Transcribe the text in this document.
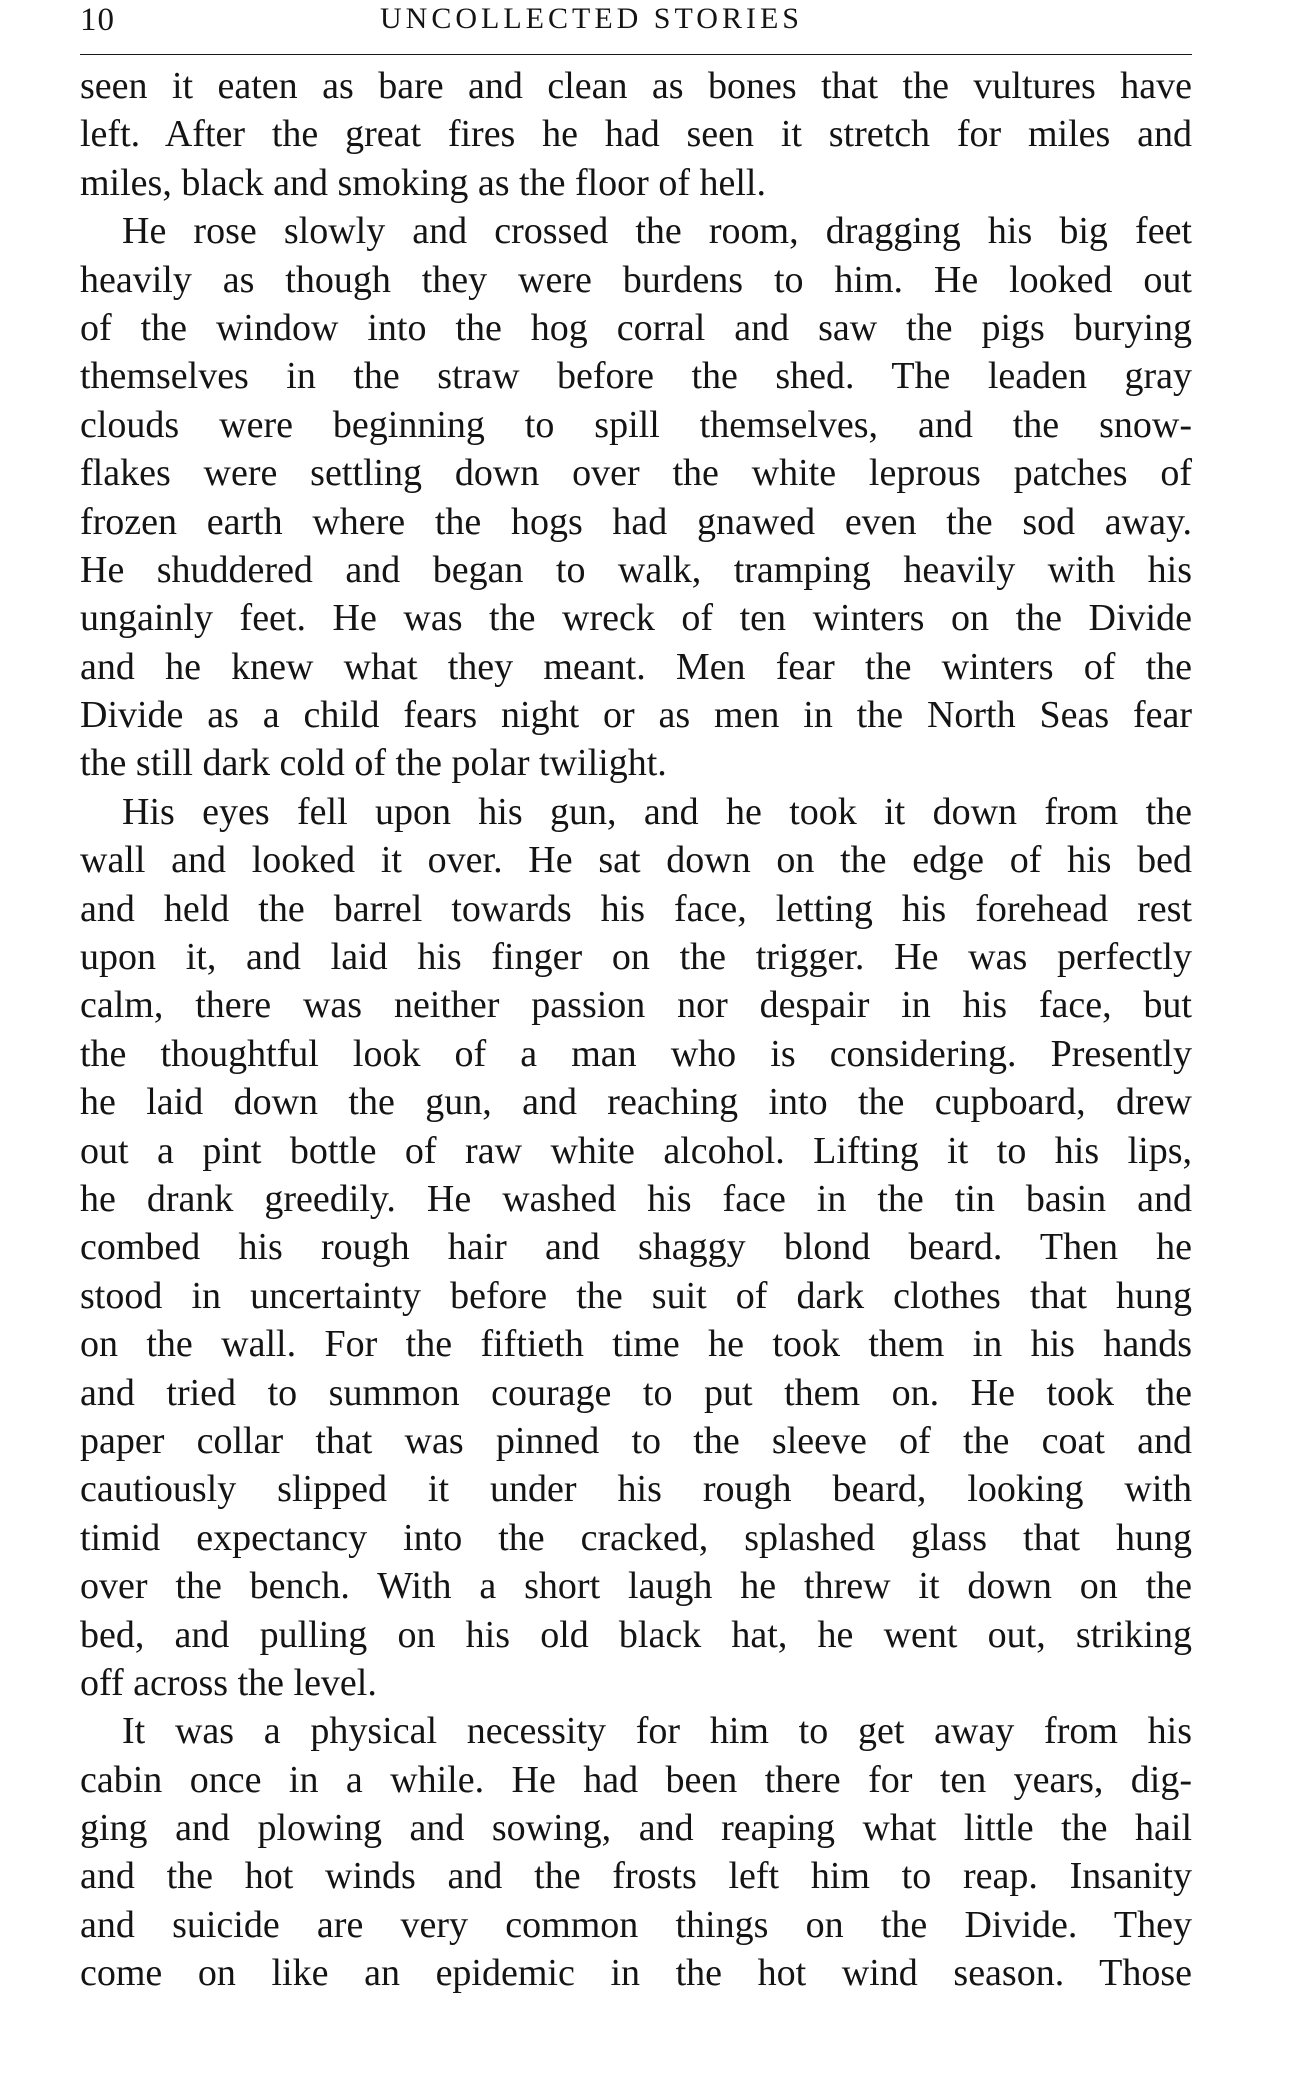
10	UNCOLLECTED STORIES
seen it eaten as bare and clean as bones that the vultures have
left. After the great fires he had seen it stretch for miles and
miles, black and smoking as the floor of hell.
He rose slowly and crossed the room, dragging his big feet
heavily as though they were burdens to him. He looked out
of the window into the hog corral and saw the pigs burying
themselves in the straw before the shed. The leaden gray
clouds were beginning to spill themselves, and the snow-
flakes were settling down over the white leprous patches of
frozen earth where the hogs had gnawed even the sod away.
He shuddered and began to walk, tramping heavily with his
ungainly feet. He was the wreck of ten winters on the Divide
and he knew what they meant. Men fear the winters of the
Divide as a child fears night or as men in the North Seas fear
the still dark cold of the polar twilight.
His eyes fell upon his gun, and he took it down from the
wall and looked it over. He sat down on the edge of his bed
and held the barrel towards his face, letting his forehead rest
upon it, and laid his finger on the trigger. He was perfectly
calm, there was neither passion nor despair in his face, but
the thoughtful look of a man who is considering. Presently
he laid down the gun, and reaching into the cupboard, drew
out a pint bottle of raw white alcohol. Lifting it to his lips,
he drank greedily. He washed his face in the tin basin and
combed his rough hair and shaggy blond beard. Then he
stood in uncertainty before the suit of dark clothes that hung
on the wall. For the fiftieth time he took them in his hands
and tried to summon courage to put them on. He took the
paper collar that was pinned to the sleeve of the coat and
cautiously slipped it under his rough beard, looking with
timid expectancy into the cracked, splashed glass that hung
over the bench. With a short laugh he threw it down on the
bed, and pulling on his old black hat, he went out, striking
off across the level.
It was a physical necessity for him to get away from his
cabin once in a while. He had been there for ten years, dig-
ging and plowing and sowing, and reaping what little the hail
and the hot winds and the frosts left him to reap. Insanity
and suicide are very common things on the Divide. They
come on like an epidemic in the hot wind season. Those
